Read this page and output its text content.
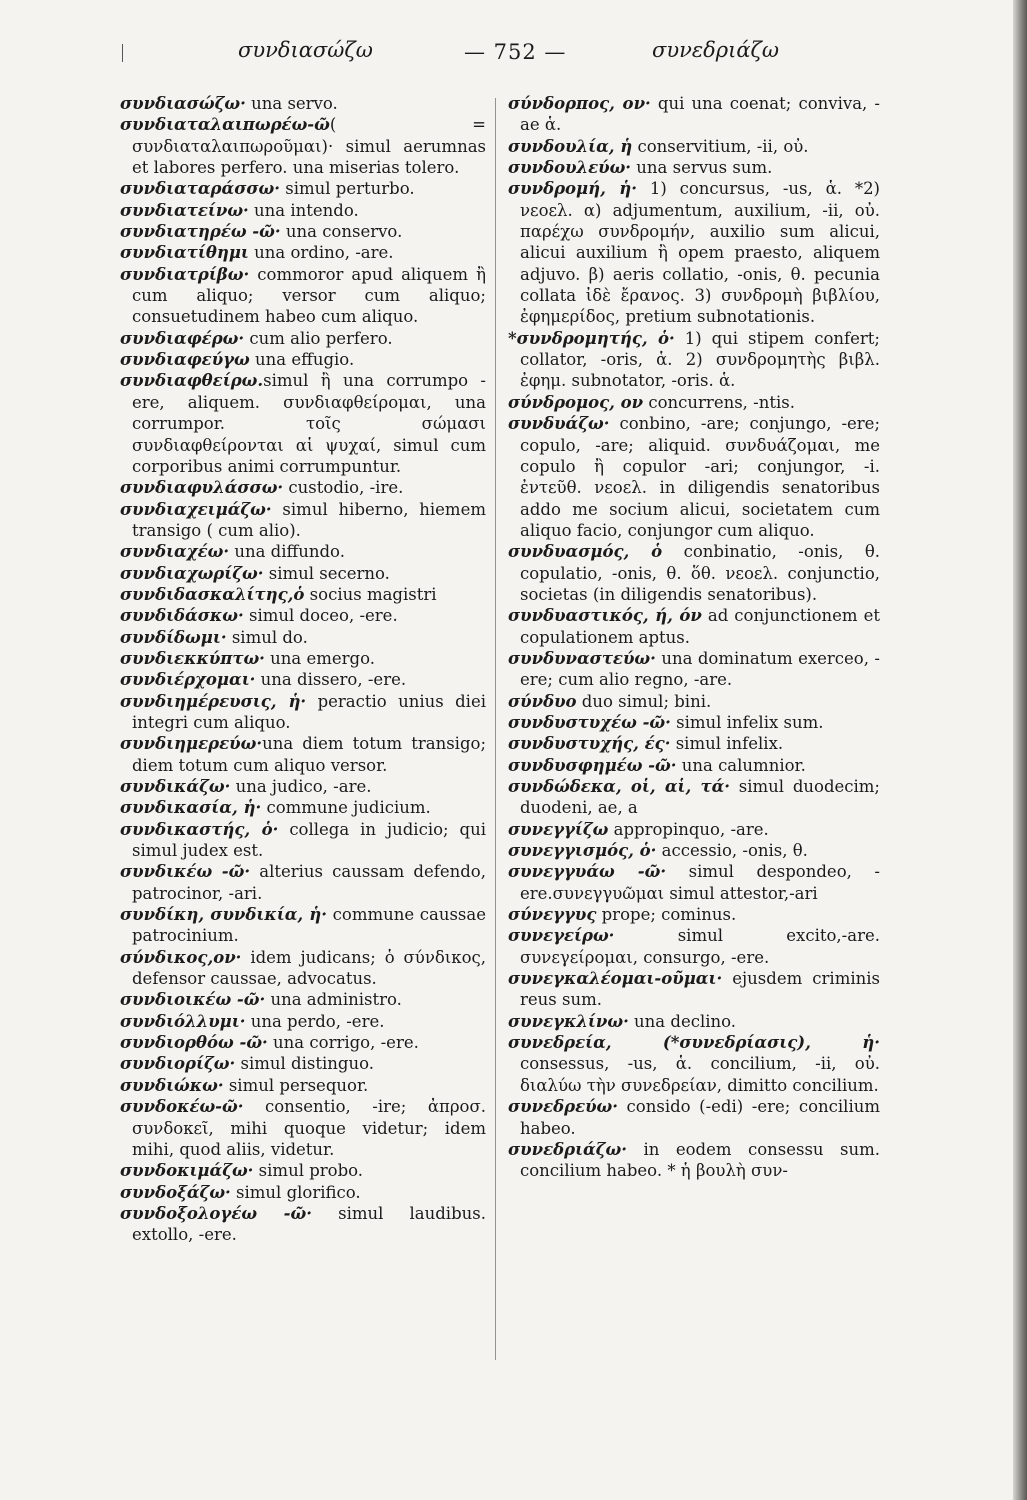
συνδιασώζω	— 752 —	συνεδριάζω

συνδιασώζω· una servo.

συνδιαταλαιπωρέω-ῶ( = συνδιαταλαιπωροῦμαι)· simul aerumnas et labores perfero. una miserias tolero.

συνδιαταράσσω· simul perturbo.

συνδιατείνω· una intendo.

συνδιατηρέω -ῶ· una conservo.

συνδιατίθημι una ordino, -are.

συνδιατρίβω· commoror apud aliquem ἢ cum aliquo; versor cum aliquo; consuetudinem habeo cum aliquo.

συνδιαφέρω· cum alio perfero.

συνδιαφεύγω una effugio.

συνδιαφθείρω.simul ἢ una corrumpo -ere, aliquem. συνδιαφθείρομαι, una corrumpor. τοῖς σώμασι συνδιαφθείρονται αἱ ψυχαί, simul cum corporibus animi corrumpuntur.

συνδιαφυλάσσω· custodio, -ire.

συνδιαχειμάζω· simul hiberno, hiemem transigo ( cum alio).

συνδιαχέω· una diffundo.

συνδιαχωρίζω· simul secerno.

συνδιδασκαλίτης,ὁ socius magistri

συνδιδάσκω· simul doceo, -ere.

συνδίδωμι· simul do.

συνδιεκκύπτω· una emergo.

συνδιέρχομαι· una dissero, -ere.

συνδιημέρευσις, ἡ· peractio unius diei integri cum aliquo.

συνδιημερεύω·una diem totum transigo; diem totum cum aliquo versor.

συνδικάζω· una judico, -are.

συνδικασία, ἡ· commune judicium.

συνδικαστής, ὁ· collega in judicio; qui simul judex est.

συνδικέω -ῶ· alterius caussam defendo, patrocinor, -ari.

συνδίκη, συνδικία, ἡ· commune caussae patrocinium.

σύνδικος,ον· idem judicans; ὁ σύνδικος, defensor caussae, advocatus.

συνδιοικέω -ῶ· una administro.

συνδιόλλυμι· una perdo, -ere.

συνδιορθόω -ῶ· una corrigo, -ere.

συνδιορίζω· simul distinguo.

συνδιώκω· simul persequor.

συνδοκέω-ῶ· consentio, -ire; ἀπροσ. συνδοκεῖ, mihi quoque videtur; idem mihi, quod aliis, videtur.

συνδοκιμάζω· simul probo.

συνδοξάζω· simul glorifico.

συνδοξολογέω -ῶ· simul laudibus. extollo, -ere.

σύνδορπος, ον· qui una coenat; conviva, -ae ἁ.

συνδουλία, ἡ conservitium, -ii, οὐ.

συνδουλεύω· una servus sum.

συνδρομή, ἡ· 1) concursus, -us, ἁ. *2) νεοελ. α) adjumentum, auxilium, -ii, οὐ. παρέχω συνδρομήν, auxilio sum alicui, alicui auxilium ἢ opem praesto, aliquem adjuvo. β) aeris collatio, -onis, θ. pecunia collata ἰδὲ ἔρανος. 3) συνδρομὴ βιβλίου, ἐφημερίδος, pretium subnotationis.

*συνδρομητής, ὁ· 1) qui stipem confert; collator, -oris, ἁ. 2) συνδρομητὴς βιβλ. ἐφημ. subnotator, -oris. ἁ.

σύνδρομος, ον concurrens, -ntis.

συνδυάζω· conbino, -are; conjungo, -ere; copulo, -are; aliquid. συνδυάζομαι, me copulo ἢ copulor -ari; conjungor, -i. ἐντεῦθ. νεοελ. in diligendis senatoribus addo me socium alicui, societatem cum aliquo facio, conjungor cum aliquo.

συνδυασμός, ὁ conbinatio, -onis, θ. copulatio, -onis, θ. ὅθ. νεοελ. conjunctio, societas (in diligendis senatoribus).

συνδυαστικός, ή, όν ad conjunctionem et copulationem aptus.

συνδυναστεύω· una dominatum exerceo, -ere; cum alio regno, -are.

σύνδυο duo simul; bini.

συνδυστυχέω -ῶ· simul infelix sum.

συνδυστυχής, ές· simul infelix.

συνδυσφημέω -ῶ· una calumnior.

συνδώδεκα, οἱ, αἱ, τά· simul duodecim; duodeni, ae, a

συνεγγίζω appropinquo, -are.

συνεγγισμός, ὁ· accessio, -onis, θ.

συνεγγυάω -ῶ· simul despondeo, -ere.συνεγγυῶμαι simul attestor,-ari

σύνεγγυς prope; cominus.

συνεγείρω· simul excito,-are. συνεγείρομαι, consurgo, -ere.

συνεγκαλέομαι-οῦμαι· ejusdem criminis reus sum.

συνεγκλίνω· una declino.

συνεδρεία, (*συνεδρίασις), ἡ· consessus, -us, ἁ. concilium, -ii, οὐ. διαλύω τὴν συνεδρείαν, dimitto concilium.

συνεδρεύω· consido (-edi) -ere; concilium habeo.

συνεδριάζω· in eodem consessu sum. concilium habeo. * ἡ βουλὴ συν-
